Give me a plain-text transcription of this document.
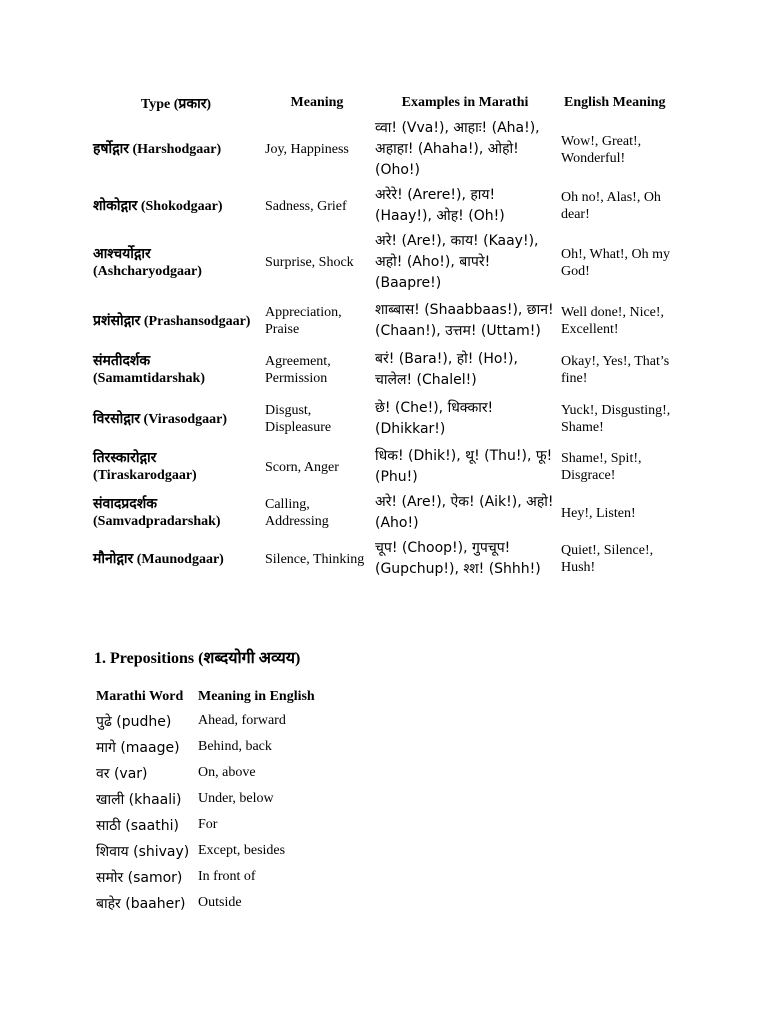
Type (प्रकार)	Meaning	Examples in Marathi	English Meaning
हर्षोद्गार (Harshodgaar)	Joy, Happiness	व्वा! (Vva!), आहाः! (Aha!), अहाहा! (Ahaha!), ओहो! (Oho!)	Wow!, Great!, Wonderful!
शोकोद्गार (Shokodgaar)	Sadness, Grief	अरेरे! (Arere!), हाय! (Haay!), ओह! (Oh!)	Oh no!, Alas!, Oh dear!
आश्चर्योद्गार (Ashcharyodgaar)	Surprise, Shock	अरे! (Are!), काय! (Kaay!), अहो! (Aho!), बापरे! (Baapre!)	Oh!, What!, Oh my God!
प्रशंसोद्गार (Prashansodgaar)	Appreciation, Praise	शाब्बास! (Shaabbaas!), छान! (Chaan!), उत्तम! (Uttam!)	Well done!, Nice!, Excellent!
संमतीदर्शक (Samamtidarshak)	Agreement, Permission	बरं! (Bara!), हो! (Ho!), चालेल! (Chalel!)	Okay!, Yes!, That’s fine!
विरसोद्गार (Virasodgaar)	Disgust, Displeasure	छे! (Che!), धिक्कार! (Dhikkar!)	Yuck!, Disgusting!, Shame!
तिरस्कारोद्गार (Tiraskarodgaar)	Scorn, Anger	धिक! (Dhik!), थू! (Thu!), फू! (Phu!)	Shame!, Spit!, Disgrace!
संवादप्रदर्शक (Samvadpradarshak)	Calling, Addressing	अरे! (Are!), ऐक! (Aik!), अहो! (Aho!)	Hey!, Listen!
मौनोद्गार (Maunodgaar)	Silence, Thinking	चूप! (Choop!), गुपचूप! (Gupchup!), श्श! (Shhh!)	Quiet!, Silence!, Hush!
1. Prepositions (शब्दयोगी अव्यय)
Marathi Word	Meaning in English
पुढे (pudhe)	Ahead, forward
मागे (maage)	Behind, back
वर (var)	On, above
खाली (khaali)	Under, below
साठी (saathi)	For
शिवाय (shivay)	Except, besides
समोर (samor)	In front of
बाहेर (baaher)	Outside
